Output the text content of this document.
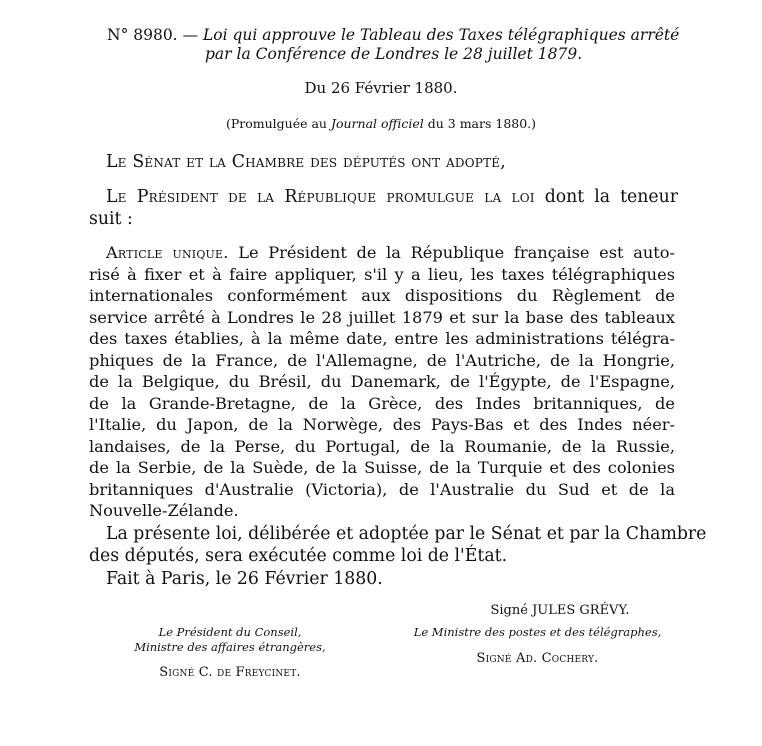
N° 8980. — Loi qui approuve le Tableau des Taxes télégraphiques arrêté
par la Conférence de Londres le 28 juillet 1879.
Du 26 Février 1880.
(Promulguée au Journal officiel du 3 mars 1880.)
Le Sénat et la Chambre des députés ont adopté,
Le Président de la République promulgue la loi dont la teneur
suit :
Article unique. Le Président de la République française est auto-
risé à fixer et à faire appliquer, s'il y a lieu, les taxes télégraphiques
internationales conformément aux dispositions du Règlement de
service arrêté à Londres le 28 juillet 1879 et sur la base des tableaux
des taxes établies, à la même date, entre les administrations télégra-
phiques de la France, de l'Allemagne, de l'Autriche, de la Hongrie,
de la Belgique, du Brésil, du Danemark, de l'Égypte, de l'Espagne,
de la Grande-Bretagne, de la Grèce, des Indes britanniques, de
l'Italie, du Japon, de la Norwège, des Pays-Bas et des Indes néer-
landaises, de la Perse, du Portugal, de la Roumanie, de la Russie,
de la Serbie, de la Suède, de la Suisse, de la Turquie et des colonies
britanniques d'Australie (Victoria), de l'Australie du Sud et de la
Nouvelle-Zélande.
La présente loi, délibérée et adoptée par le Sénat et par la Chambre
des députés, sera exécutée comme loi de l'État.
Fait à Paris, le 26 Février 1880.
Signé JULES GRÉVY.
Le Président du Conseil,
Ministre des affaires étrangères,
Signé C. de Freycinet.
Le Ministre des postes et des télégraphes,
Signé Ad. Cochery.
